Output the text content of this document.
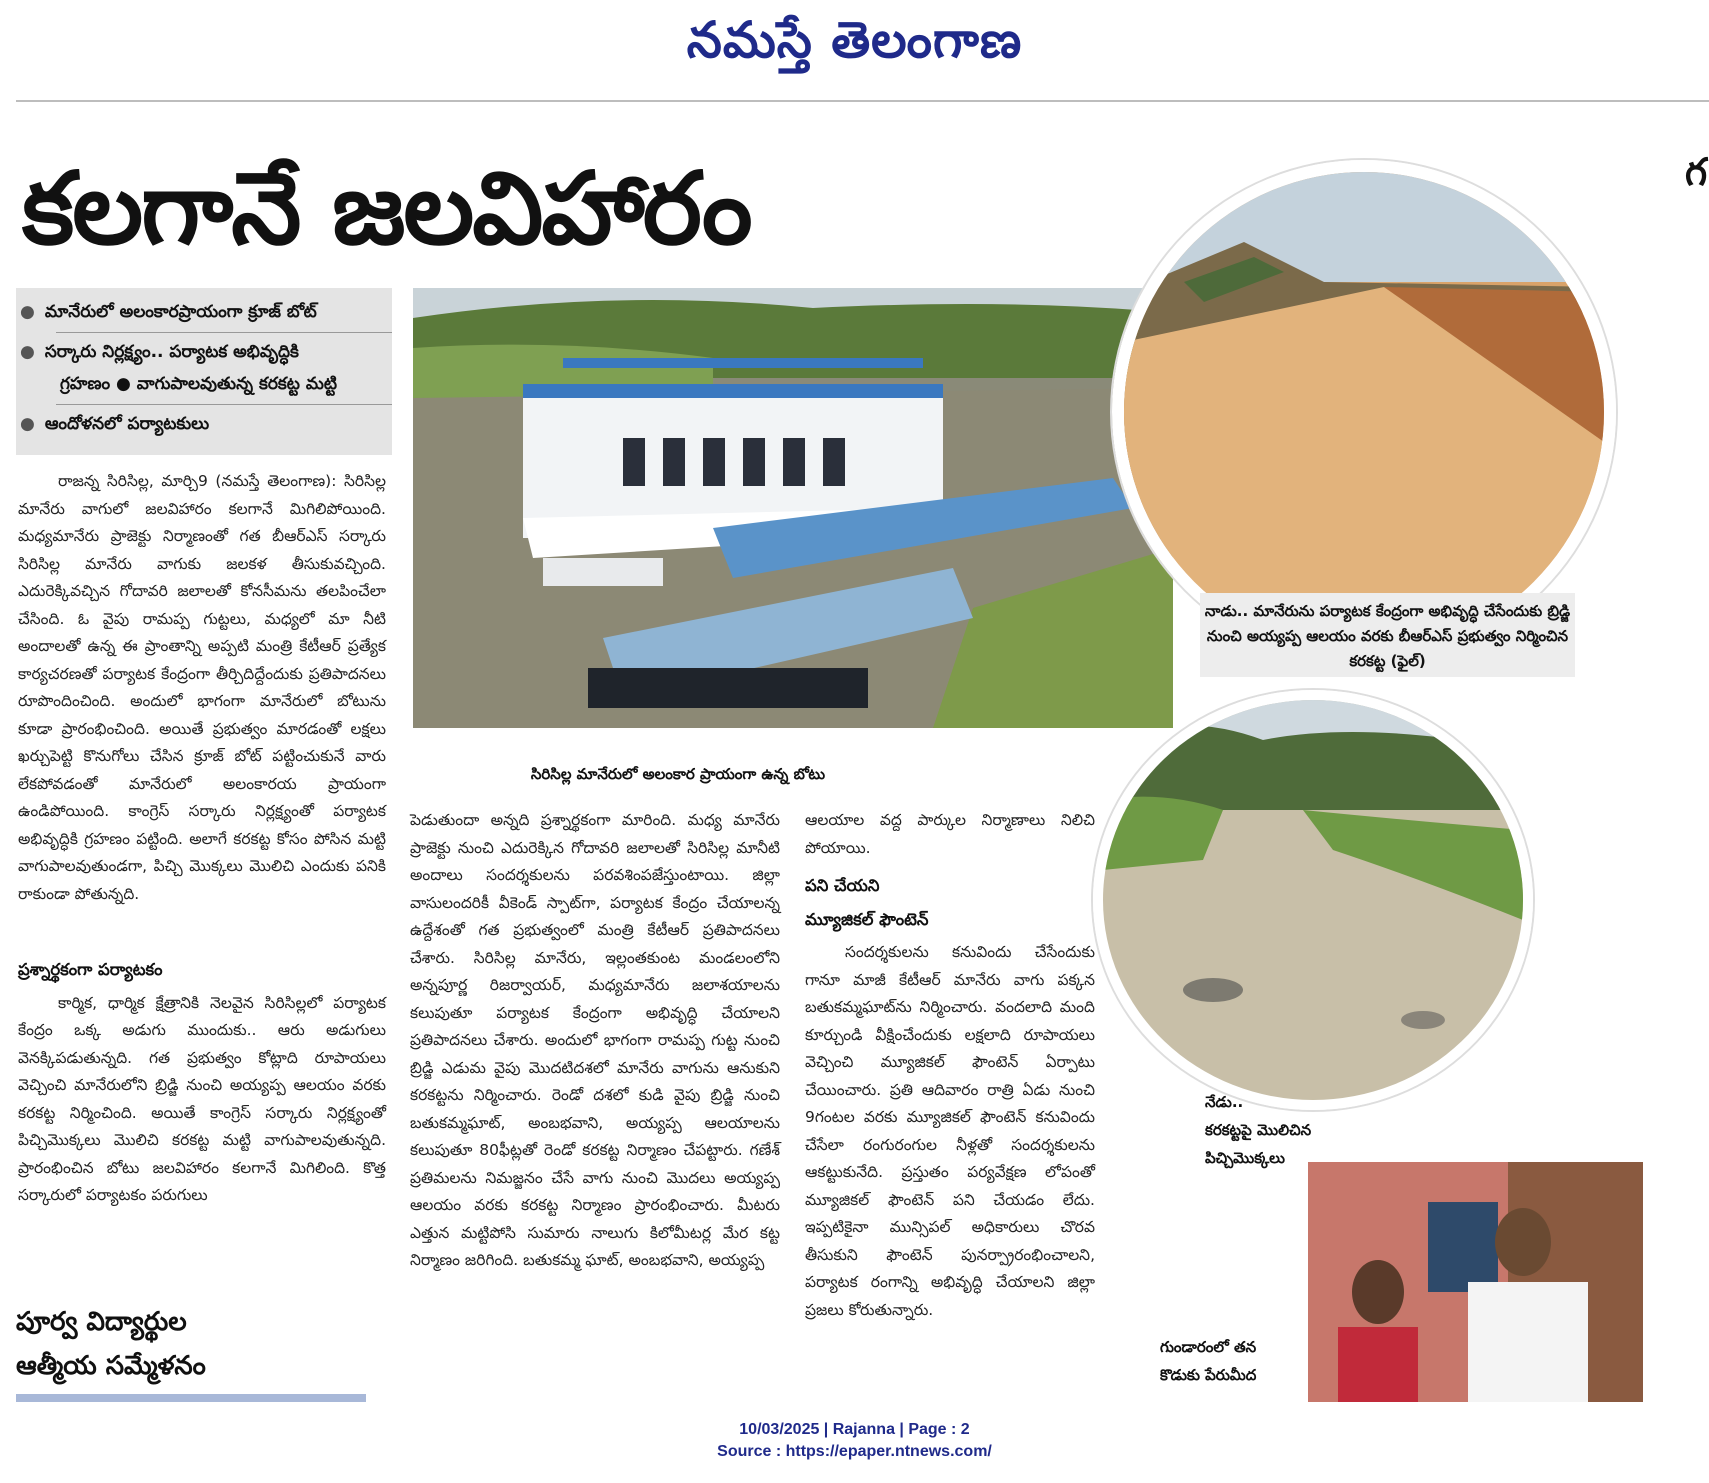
నమస్తే తెలంగాణ
కలగానే జలవిహారం
● మానేరులో అలంకారప్రాయంగా క్రూజ్ బోట్
● సర్కారు నిర్లక్ష్యం.. పర్యాటక అభివృద్ధికి
గ్రహణం ● వాగుపాలవుతున్న కరకట్ట మట్టి
● ఆందోళనలో పర్యాటకులు
సిరిసిల్ల మానేరులో అలంకార ప్రాయంగా ఉన్న బోటు

రాజన్న సిరిసిల్ల, మార్చి9 (నమస్తే తెలంగాణ): సిరిసిల్ల మానేరు వాగులో జలవిహారం కలగానే మిగిలిపోయింది. మధ్యమానేరు ప్రాజెక్టు నిర్మాణంతో గత బీఆర్ఎస్ సర్కారు సిరిసిల్ల మానేరు వాగుకు జలకళ తీసుకువచ్చింది. ఎదురెక్కివచ్చిన గోదావరి జలాలతో కోనసీమను తలపించేలా చేసింది. ఓ వైపు రామప్ప గుట్టలు, మధ్యలో మా నీటి అందాలతో ఉన్న ఈ ప్రాంతాన్ని అప్పటి మంత్రి కేటీఆర్ ప్రత్యేక కార్యచరణతో పర్యాటక కేంద్రంగా తీర్చిదిద్దేందుకు ప్రతిపాదనలు రూపొందించింది. అందులో భాగంగా మానేరులో బోటును కూడా ప్రారంభించింది. అయితే ప్రభుత్వం మారడంతో లక్షలు ఖర్చుపెట్టి కొనుగోలు చేసిన క్రూజ్ బోట్ పట్టించుకునే వారు లేకపోవడంతో మానేరులో అలంకారయ ప్రాయంగా ఉండిపోయింది. కాంగ్రెస్ సర్కారు నిర్లక్ష్యంతో పర్యాటక అభివృద్ధికి గ్రహణం పట్టింది. అలాగే కరకట్ట కోసం పోసిన మట్టి వాగుపాలవుతుండగా, పిచ్చి మొక్కలు మొలిచి ఎందుకు పనికి రాకుండా పోతున్నది.

ప్రశ్నార్థకంగా పర్యాటకం

కార్మిక, ధార్మిక క్షేత్రానికి నెలవైన సిరిసిల్లలో పర్యాటక కేంద్రం ఒక్క అడుగు ముందుకు.. ఆరు అడుగులు వెనక్కిపడుతున్నది. గత ప్రభుత్వం కోట్లాది రూపాయలు వెచ్చించి మానేరులోని బ్రిడ్జి నుంచి అయ్యప్ప ఆలయం వరకు కరకట్ట నిర్మించింది. అయితే కాంగ్రెస్ సర్కారు నిర్లక్ష్యంతో పిచ్చిమొక్కలు మొలిచి కరకట్ట మట్టి వాగుపాలవుతున్నది. ప్రారంభించిన బోటు జలవిహారం కలగానే మిగిలింది. కొత్త సర్కారులో పర్యాటకం పరుగులు

పెడుతుందా అన్నది ప్రశ్నార్థకంగా మారింది. మధ్య మానేరు ప్రాజెక్టు నుంచి ఎదురెక్కిన గోదావరి జలాలతో సిరిసిల్ల మానీటి అందాలు సందర్శకులను పరవశింపజేస్తుంటాయి. జిల్లా వాసులందరికీ వీకెండ్ స్పాట్‌గా, పర్యాటక కేంద్రం చేయాలన్న ఉద్దేశంతో గత ప్రభుత్వంలో మంత్రి కేటీఆర్ ప్రతిపాదనలు చేశారు. సిరిసిల్ల మానేరు, ఇల్లంతకుంట మండలంలోని అన్నపూర్ణ రిజర్వాయర్, మధ్యమానేరు జలాశయాలను కలుపుతూ పర్యాటక కేంద్రంగా అభివృద్ధి చేయాలని ప్రతిపాదనలు చేశారు. అందులో భాగంగా రామప్ప గుట్ట నుంచి బ్రిడ్జి ఎడుమ వైపు మొదటిదశలో మానేరు వాగును ఆనుకుని కరకట్టను నిర్మించారు. రెండో దశలో కుడి వైపు బ్రిడ్జి నుంచి బతుకమ్మఘాట్, అంబభవాని, అయ్యప్ప ఆలయాలను కలుపుతూ 80ఫీట్లతో రెండో కరకట్ట నిర్మాణం చేపట్టారు. గణేశ్ ప్రతిమలను నిమజ్జనం చేసే వాగు నుంచి మొదలు అయ్యప్ప ఆలయం వరకు కరకట్ట నిర్మాణం ప్రారంభించారు. మీటరు ఎత్తున మట్టిపోసి సుమారు నాలుగు కిలోమీటర్ల మేర కట్ట నిర్మాణం జరిగింది. బతుకమ్మ ఘాట్, అంబభవాని, అయ్యప్ప

ఆలయాల వద్ద పార్కుల నిర్మాణాలు నిలిచి పోయాయి.

పని చేయని

మ్యూజికల్ ఫౌంటెన్

సందర్శకులను కనువిందు చేసేందుకు గానూ మాజీ కేటీఆర్ మానేరు వాగు పక్కన బతుకమ్మఘాట్‌ను నిర్మించారు. వందలాది మంది కూర్చుండి వీక్షించేందుకు లక్షలాది రూపాయలు వెచ్చించి మ్యూజికల్ ఫౌంటెన్ ఏర్పాటు చేయించారు. ప్రతి ఆదివారం రాత్రి ఏడు నుంచి 9గంటల వరకు మ్యూజికల్ ఫౌంటెన్ కనువిందు చేసేలా రంగురంగుల నీళ్లతో సందర్శకులను ఆకట్టుకునేది. ప్రస్తుతం పర్యవేక్షణ లోపంతో మ్యూజికల్ ఫౌంటెన్ పని చేయడం లేదు. ఇప్పటికైనా మున్సిపల్ అధికారులు చొరవ తీసుకుని ఫౌంటెన్ పునర్ప్రారంభించాలని, పర్యాటక రంగాన్ని అభివృద్ధి చేయాలని జిల్లా ప్రజలు కోరుతున్నారు.

పూర్వ విద్యార్థుల
ఆత్మీయ సమ్మేళనం
నాడు.. మానేరును పర్యాటక కేంద్రంగా అభివృద్ధి చేసేందుకు బ్రిడ్జి నుంచి అయ్యప్ప ఆలయం వరకు బీఆర్ఎస్ ప్రభుత్వం నిర్మించిన కరకట్ట (ఫైల్)
నేడు..
కరకట్టపై మొలిచిన
పిచ్చిమొక్కలు
గుండారంలో తన
కొడుకు పేరుమీద
గ
10/03/2025 | Rajanna | Page : 2
Source : https://epaper.ntnews.com/
